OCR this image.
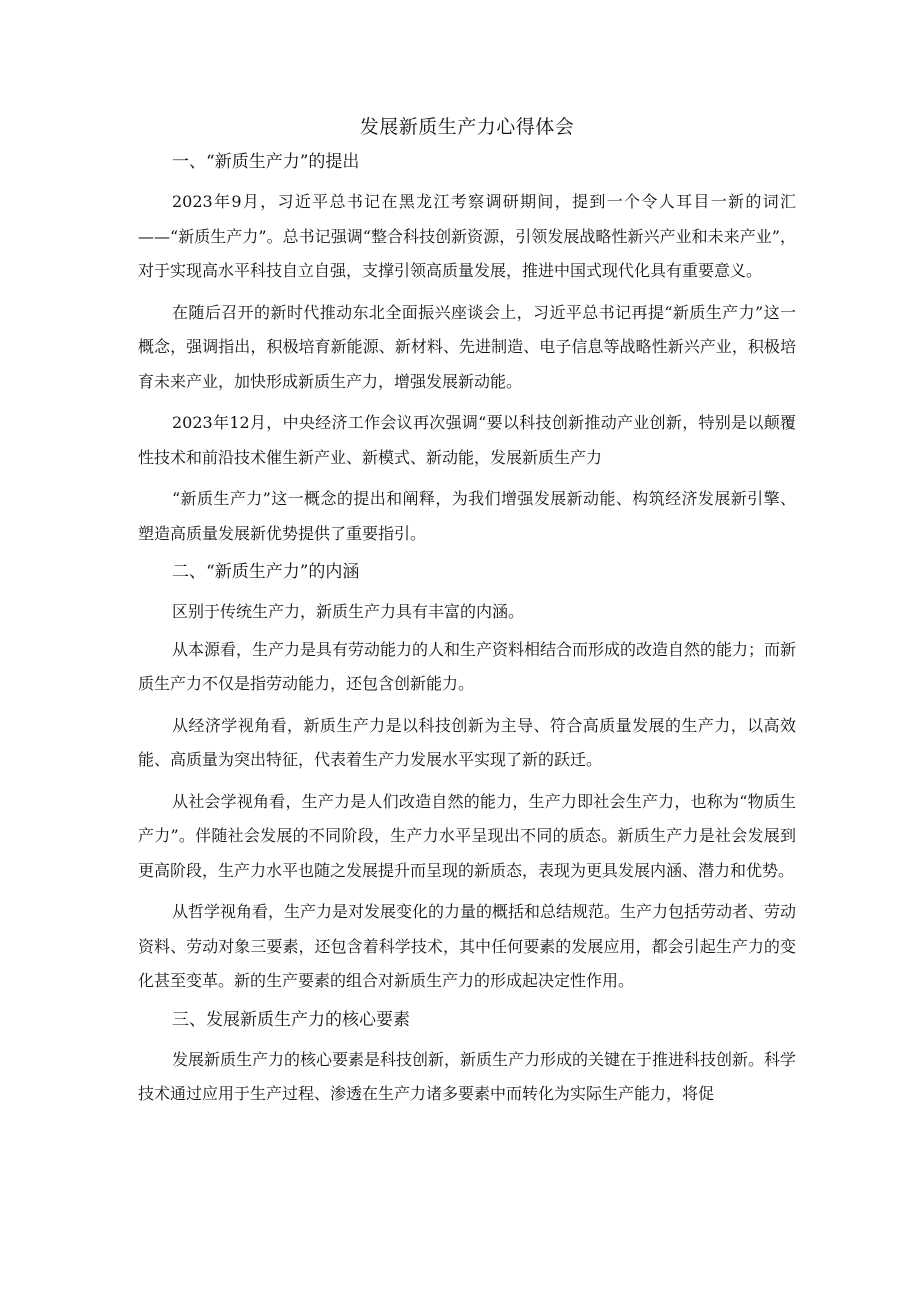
发展新质生产力心得体会
一、“新质生产力”的提出

2023年9月，习近平总书记在黑龙江考察调研期间，提到一个令人耳目一新的词汇——“新质生产力”。总书记强调“整合科技创新资源，引领发展战略性新兴产业和未来产业”，对于实现高水平科技自立自强，支撑引领高质量发展，推进中国式现代化具有重要意义。

在随后召开的新时代推动东北全面振兴座谈会上，习近平总书记再提“新质生产力”这一概念，强调指出，积极培育新能源、新材料、先进制造、电子信息等战略性新兴产业，积极培育未来产业，加快形成新质生产力，增强发展新动能。

2023年12月，中央经济工作会议再次强调“要以科技创新推动产业创新，特别是以颠覆性技术和前沿技术催生新产业、新模式、新动能，发展新质生产力

“新质生产力”这一概念的提出和阐释，为我们增强发展新动能、构筑经济发展新引擎、塑造高质量发展新优势提供了重要指引。

二、“新质生产力”的内涵

区别于传统生产力，新质生产力具有丰富的内涵。

从本源看，生产力是具有劳动能力的人和生产资料相结合而形成的改造自然的能力；而新质生产力不仅是指劳动能力，还包含创新能力。

从经济学视角看，新质生产力是以科技创新为主导、符合高质量发展的生产力，以高效能、高质量为突出特征，代表着生产力发展水平实现了新的跃迁。

从社会学视角看，生产力是人们改造自然的能力，生产力即社会生产力，也称为“物质生产力”。伴随社会发展的不同阶段，生产力水平呈现出不同的质态。新质生产力是社会发展到更高阶段，生产力水平也随之发展提升而呈现的新质态，表现为更具发展内涵、潜力和优势。

从哲学视角看，生产力是对发展变化的力量的概括和总结规范。生产力包括劳动者、劳动资料、劳动对象三要素，还包含着科学技术，其中任何要素的发展应用，都会引起生产力的变化甚至变革。新的生产要素的组合对新质生产力的形成起决定性作用。

三、发展新质生产力的核心要素

发展新质生产力的核心要素是科技创新，新质生产力形成的关键在于推进科技创新。科学技术通过应用于生产过程、渗透在生产力诸多要素中而转化为实际生产能力，将促
